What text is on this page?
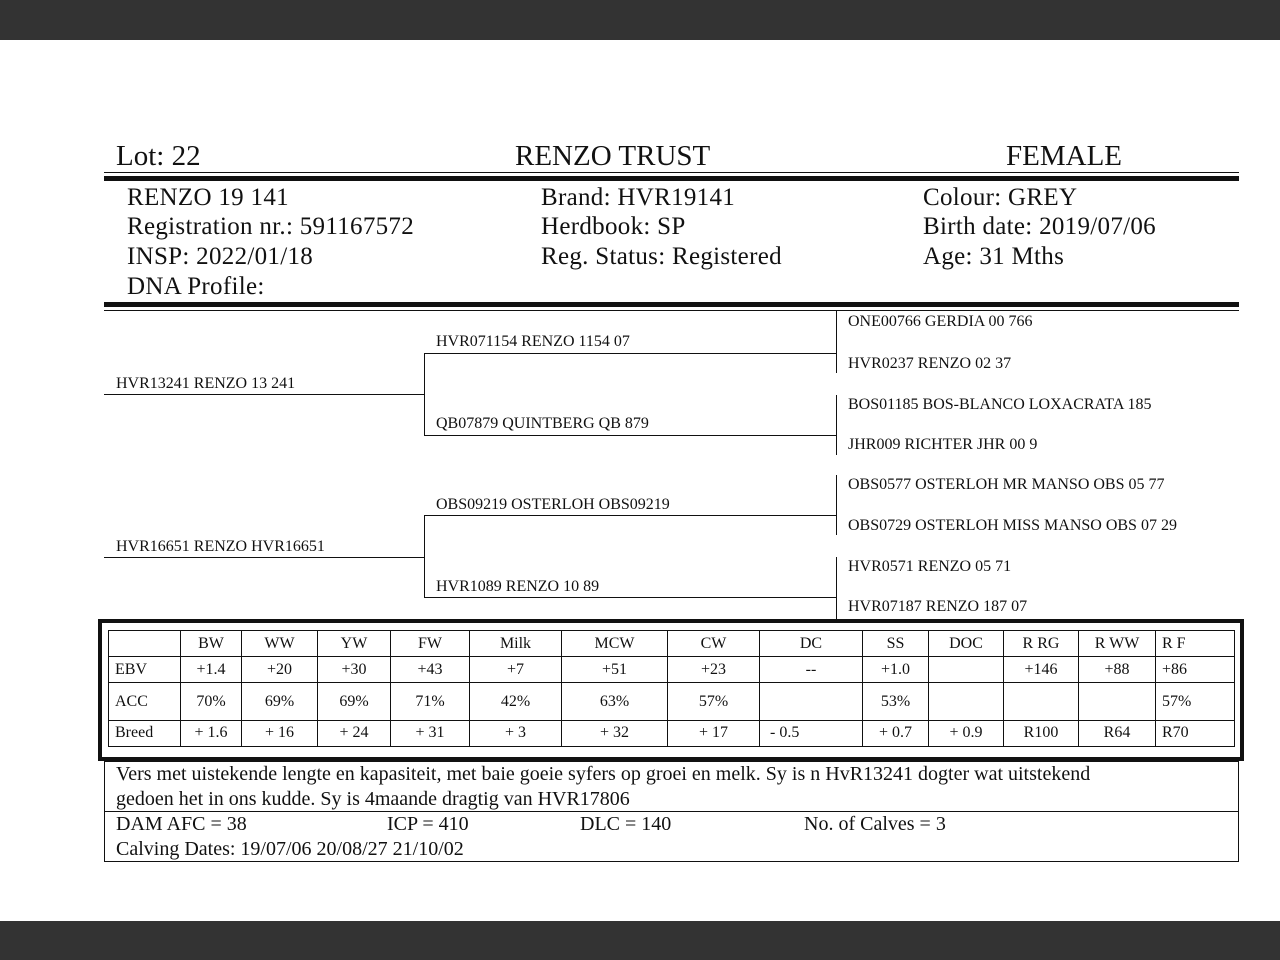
Lot: 22	RENZO TRUST	FEMALE
RENZO 19 141
Registration nr.: 591167572
INSP: 2022/01/18
DNA Profile:
Brand: HVR19141
Herdbook: SP
Reg. Status: Registered
Colour: GREY
Birth date: 2019/07/06
Age: 31 Mths
HVR13241 RENZO 13 241
HVR16651 RENZO HVR16651
HVR071154 RENZO 1154 07
QB07879 QUINTBERG QB 879
OBS09219 OSTERLOH OBS09219
HVR1089 RENZO 10 89
ONE00766 GERDIA 00 766
HVR0237 RENZO 02 37
BOS01185 BOS-BLANCO LOXACRATA 185
JHR009 RICHTER JHR 00 9
OBS0577 OSTERLOH MR MANSO OBS 05 77
OBS0729 OSTERLOH MISS MANSO OBS 07 29
HVR0571 RENZO 05 71
HVR07187 RENZO 187 07
	BW	WW	YW	FW	Milk	MCW	CW	DC	SS	DOC	R RG	R WW	R F
EBV	+1.4	+20	+30	+43	+7	+51	+23	--	+1.0		+146	+88	+86
ACC	70%	69%	69%	71%	42%	63%	57%		53%				57%
Breed	+ 1.6	+ 16	+ 24	+ 31	+ 3	+ 32	+ 17	- 0.5	+ 0.7	+ 0.9	R100	R64	R70
Vers met uistekende lengte en kapasiteit, met baie goeie syfers op groei en melk. Sy is n HvR13241 dogter wat uitstekend
gedoen het in ons kudde. Sy is 4maande dragtig van HVR17806
DAM AFC = 38	ICP = 410	DLC = 140	No. of Calves = 3
Calving Dates: 19/07/06 20/08/27 21/10/02
